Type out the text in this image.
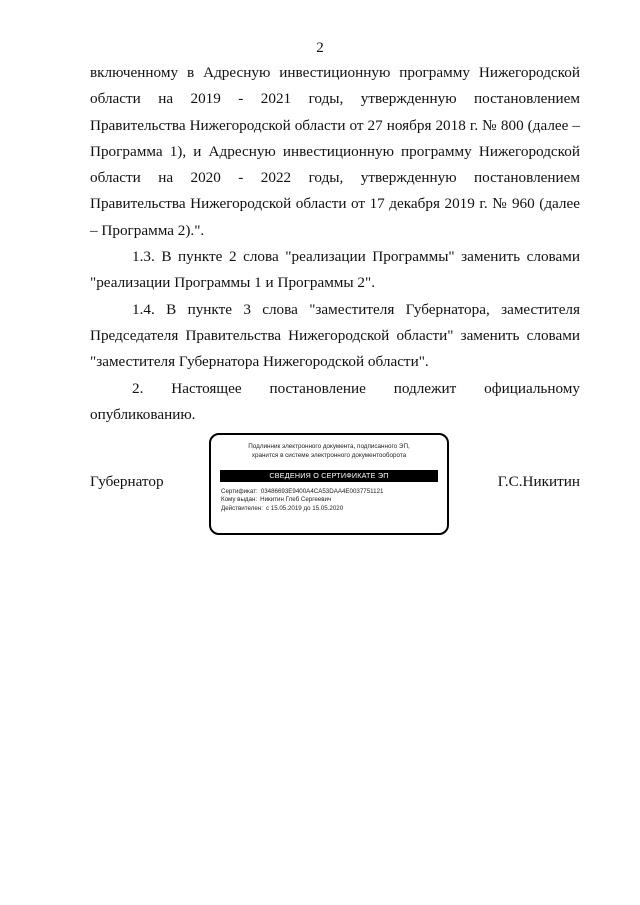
2

включенному в Адресную инвестиционную программу Нижегородской области на 2019 - 2021 годы, утвержденную постановлением Правительства Нижегородской области от 27 ноября 2018 г. № 800 (далее – Программа 1), и Адресную инвестиционную программу Нижегородской области на 2020 - 2022 годы, утвержденную постановлением Правительства Нижегородской области от 17 декабря 2019 г. № 960 (далее – Программа 2).".

1.3. В пункте 2 слова "реализации Программы" заменить словами "реализации Программы 1 и Программы 2".

1.4. В пункте 3 слова "заместителя Губернатора, заместителя Председателя Правительства Нижегородской области" заменить словами "заместителя Губернатора Нижегородской области".

2. Настоящее постановление подлежит официальному опубликованию.

Губернатор	Г.С.Никитин
Подлинник электронного документа, подписанного ЭП,
хранится в системе электронного документооборота
СВЕДЕНИЯ О СЕРТИФИКАТЕ ЭП
Сертификат: 03486693E9400A4CA53DAA4E0037751121
Кому выдан: Никитин Глеб Сергеевич
Действителен: с 15.05.2019 до 15.05.2020
